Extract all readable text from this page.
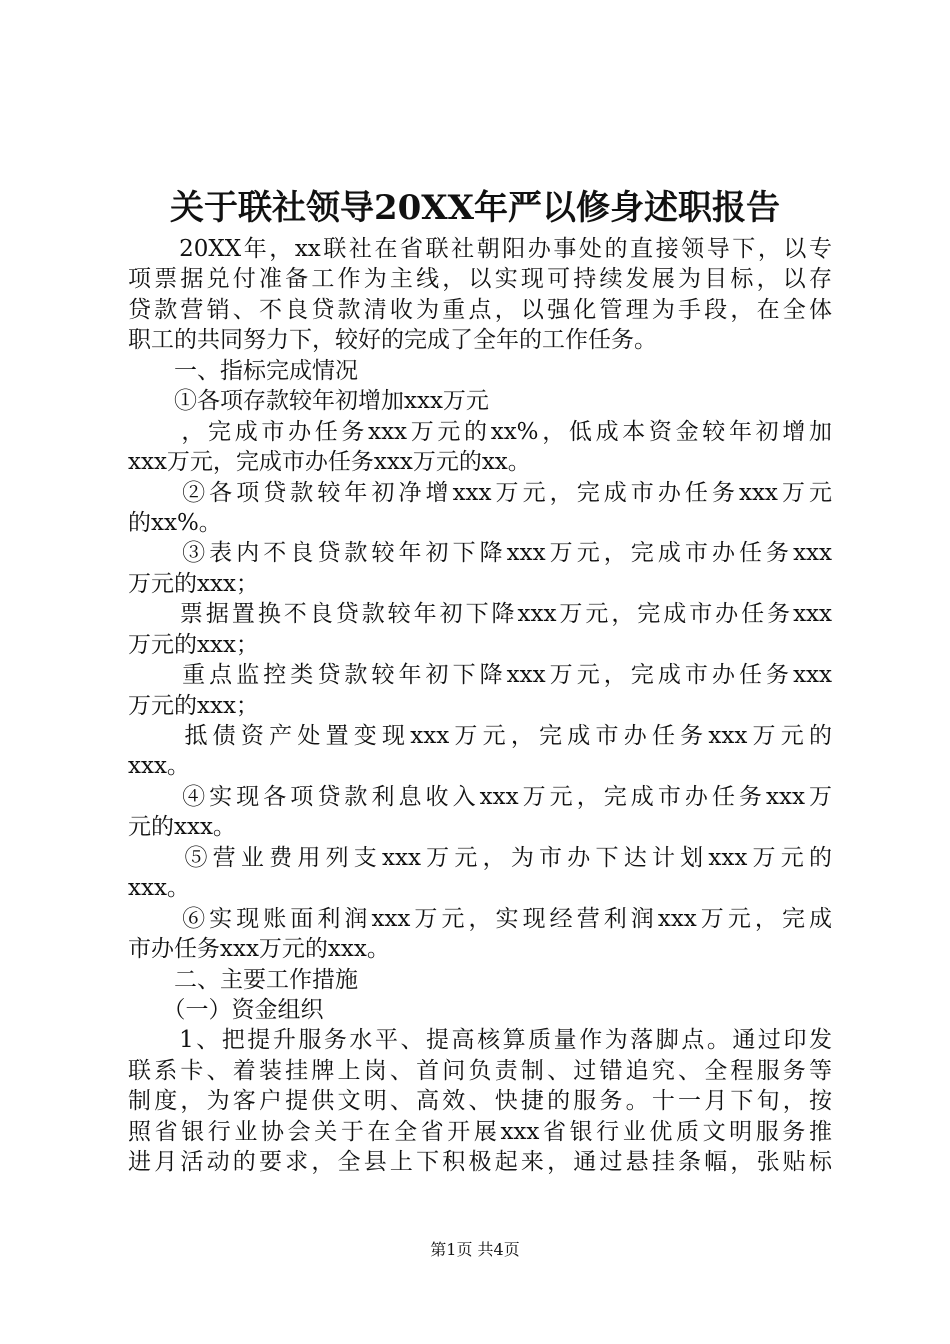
关于联社领导20XX年严以修身述职报告
　　20XX年，xx联社在省联社朝阳办事处的直接领导下，以专
项票据兑付准备工作为主线，以实现可持续发展为目标，以存
贷款营销、不良贷款清收为重点，以强化管理为手段，在全体
职工的共同努力下，较好的完成了全年的工作任务。
　　一、指标完成情况
　　①各项存款较年初增加xxx万元
　　，完成市办任务xxx万元的xx%，低成本资金较年初增加
xxx万元，完成市办任务xxx万元的xx。
　　②各项贷款较年初净增xxx万元，完成市办任务xxx万元
的xx%。
　　③表内不良贷款较年初下降xxx万元，完成市办任务xxx
万元的xxx；
　　票据置换不良贷款较年初下降xxx万元，完成市办任务xxx
万元的xxx；
　　重点监控类贷款较年初下降xxx万元，完成市办任务xxx
万元的xxx；
　　抵债资产处置变现xxx万元，完成市办任务xxx万元的
xxx。
　　④实现各项贷款利息收入xxx万元，完成市办任务xxx万
元的xxx。
　　⑤营业费用列支xxx万元，为市办下达计划xxx万元的
xxx。
　　⑥实现账面利润xxx万元，实现经营利润xxx万元，完成
市办任务xxx万元的xxx。
　　二、主要工作措施
　　（一）资金组织
　　1、把提升服务水平、提高核算质量作为落脚点。通过印发
联系卡、着装挂牌上岗、首问负责制、过错追究、全程服务等
制度，为客户提供文明、高效、快捷的服务。十一月下旬，按
照省银行业协会关于在全省开展xxx省银行业优质文明服务推
进月活动的要求，全县上下积极起来，通过悬挂条幅，张贴标
第1页 共4页
